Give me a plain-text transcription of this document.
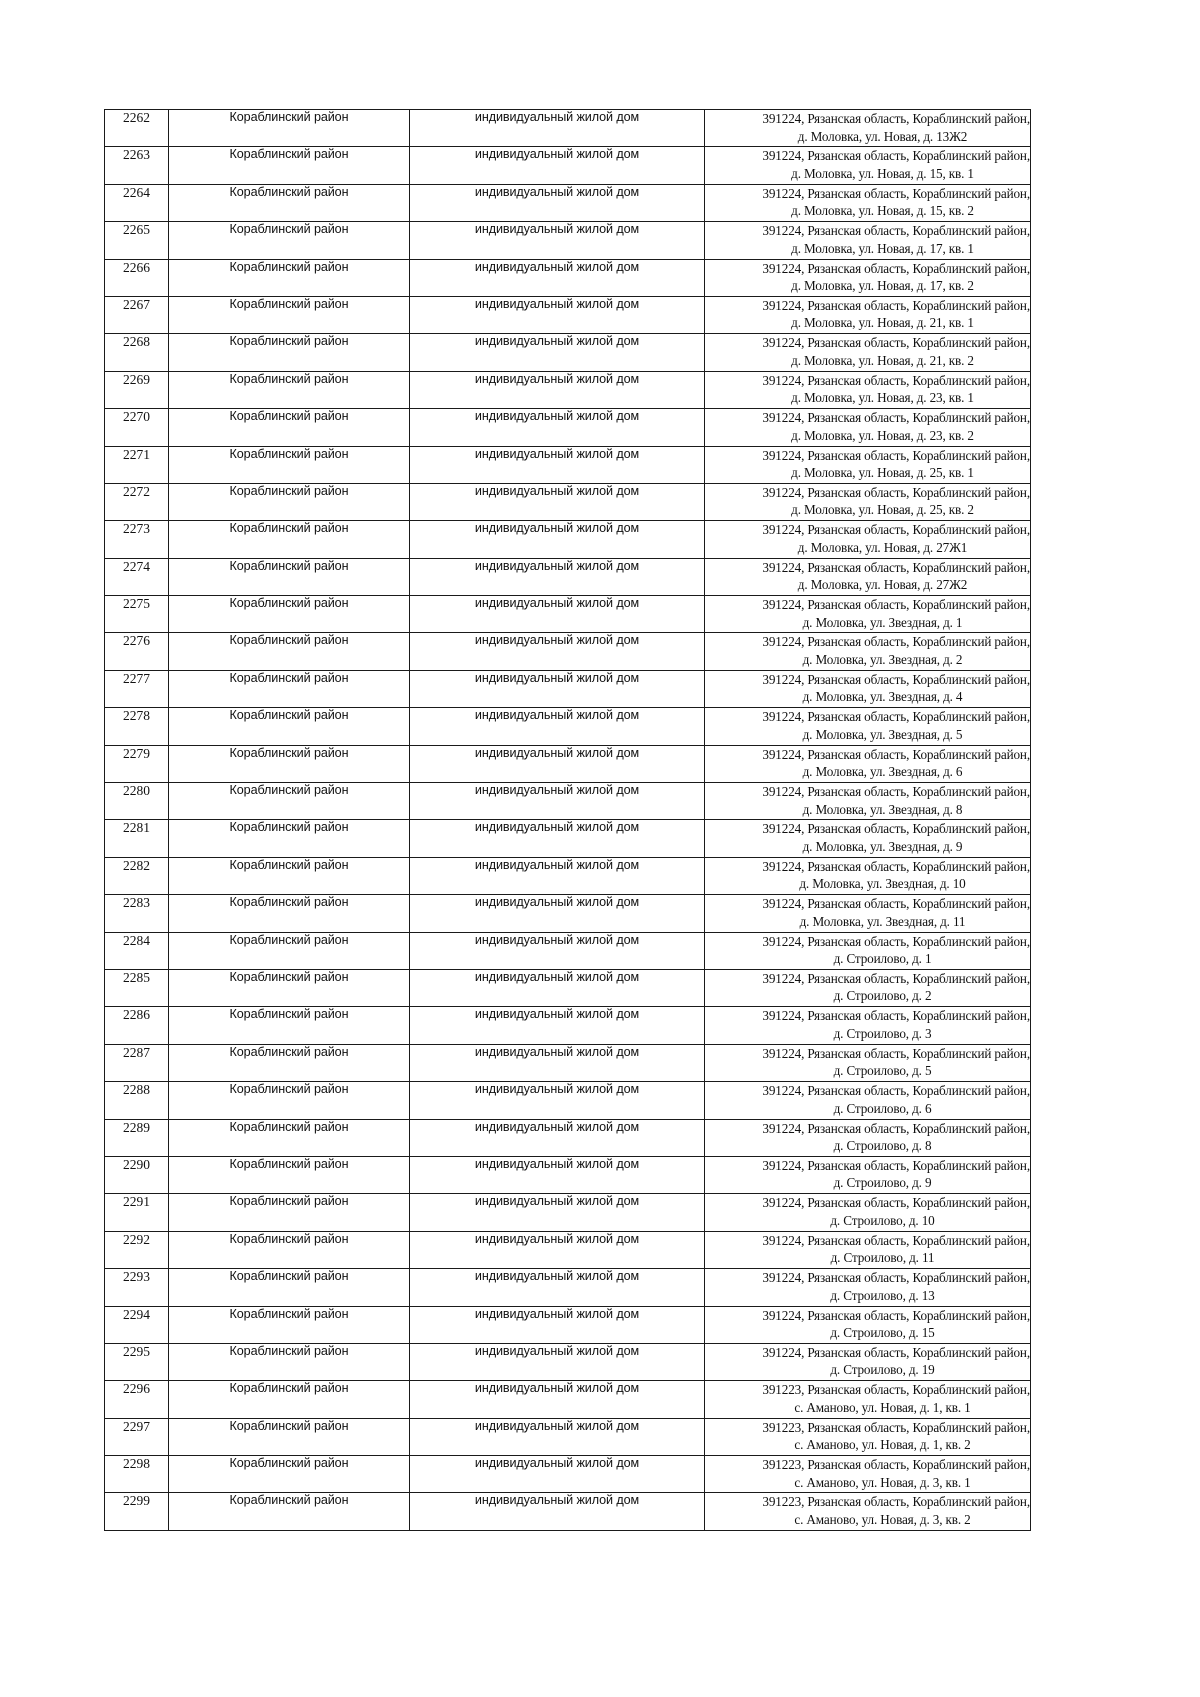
2262	Кораблинский район	индивидуальный жилой дом	391224, Рязанская область, Кораблинский район,
д. Моловка, ул. Новая, д. 13Ж2

2263	Кораблинский район	индивидуальный жилой дом	391224, Рязанская область, Кораблинский район,
д. Моловка, ул. Новая, д. 15, кв. 1

2264	Кораблинский район	индивидуальный жилой дом	391224, Рязанская область, Кораблинский район,
д. Моловка, ул. Новая, д. 15, кв. 2

2265	Кораблинский район	индивидуальный жилой дом	391224, Рязанская область, Кораблинский район,
д. Моловка, ул. Новая, д. 17, кв. 1

2266	Кораблинский район	индивидуальный жилой дом	391224, Рязанская область, Кораблинский район,
д. Моловка, ул. Новая, д. 17, кв. 2

2267	Кораблинский район	индивидуальный жилой дом	391224, Рязанская область, Кораблинский район,
д. Моловка, ул. Новая, д. 21, кв. 1

2268	Кораблинский район	индивидуальный жилой дом	391224, Рязанская область, Кораблинский район,
д. Моловка, ул. Новая, д. 21, кв. 2

2269	Кораблинский район	индивидуальный жилой дом	391224, Рязанская область, Кораблинский район,
д. Моловка, ул. Новая, д. 23, кв. 1

2270	Кораблинский район	индивидуальный жилой дом	391224, Рязанская область, Кораблинский район,
д. Моловка, ул. Новая, д. 23, кв. 2

2271	Кораблинский район	индивидуальный жилой дом	391224, Рязанская область, Кораблинский район,
д. Моловка, ул. Новая, д. 25, кв. 1

2272	Кораблинский район	индивидуальный жилой дом	391224, Рязанская область, Кораблинский район,
д. Моловка, ул. Новая, д. 25, кв. 2

2273	Кораблинский район	индивидуальный жилой дом	391224, Рязанская область, Кораблинский район,
д. Моловка, ул. Новая, д. 27Ж1

2274	Кораблинский район	индивидуальный жилой дом	391224, Рязанская область, Кораблинский район,
д. Моловка, ул. Новая, д. 27Ж2

2275	Кораблинский район	индивидуальный жилой дом	391224, Рязанская область, Кораблинский район,
д. Моловка, ул. Звездная, д. 1

2276	Кораблинский район	индивидуальный жилой дом	391224, Рязанская область, Кораблинский район,
д. Моловка, ул. Звездная, д. 2

2277	Кораблинский район	индивидуальный жилой дом	391224, Рязанская область, Кораблинский район,
д. Моловка, ул. Звездная, д. 4

2278	Кораблинский район	индивидуальный жилой дом	391224, Рязанская область, Кораблинский район,
д. Моловка, ул. Звездная, д. 5

2279	Кораблинский район	индивидуальный жилой дом	391224, Рязанская область, Кораблинский район,
д. Моловка, ул. Звездная, д. 6

2280	Кораблинский район	индивидуальный жилой дом	391224, Рязанская область, Кораблинский район,
д. Моловка, ул. Звездная, д. 8

2281	Кораблинский район	индивидуальный жилой дом	391224, Рязанская область, Кораблинский район,
д. Моловка, ул. Звездная, д. 9

2282	Кораблинский район	индивидуальный жилой дом	391224, Рязанская область, Кораблинский район,
д. Моловка, ул. Звездная, д. 10

2283	Кораблинский район	индивидуальный жилой дом	391224, Рязанская область, Кораблинский район,
д. Моловка, ул. Звездная, д. 11

2284	Кораблинский район	индивидуальный жилой дом	391224, Рязанская область, Кораблинский район,
д. Строилово, д. 1

2285	Кораблинский район	индивидуальный жилой дом	391224, Рязанская область, Кораблинский район,
д. Строилово, д. 2

2286	Кораблинский район	индивидуальный жилой дом	391224, Рязанская область, Кораблинский район,
д. Строилово, д. 3

2287	Кораблинский район	индивидуальный жилой дом	391224, Рязанская область, Кораблинский район,
д. Строилово, д. 5

2288	Кораблинский район	индивидуальный жилой дом	391224, Рязанская область, Кораблинский район,
д. Строилово, д. 6

2289	Кораблинский район	индивидуальный жилой дом	391224, Рязанская область, Кораблинский район,
д. Строилово, д. 8

2290	Кораблинский район	индивидуальный жилой дом	391224, Рязанская область, Кораблинский район,
д. Строилово, д. 9

2291	Кораблинский район	индивидуальный жилой дом	391224, Рязанская область, Кораблинский район,
д. Строилово, д. 10

2292	Кораблинский район	индивидуальный жилой дом	391224, Рязанская область, Кораблинский район,
д. Строилово, д. 11

2293	Кораблинский район	индивидуальный жилой дом	391224, Рязанская область, Кораблинский район,
д. Строилово, д. 13

2294	Кораблинский район	индивидуальный жилой дом	391224, Рязанская область, Кораблинский район,
д. Строилово, д. 15

2295	Кораблинский район	индивидуальный жилой дом	391224, Рязанская область, Кораблинский район,
д. Строилово, д. 19

2296	Кораблинский район	индивидуальный жилой дом	391223, Рязанская область, Кораблинский район,
с. Аманово, ул. Новая, д. 1, кв. 1

2297	Кораблинский район	индивидуальный жилой дом	391223, Рязанская область, Кораблинский район,
с. Аманово, ул. Новая, д. 1, кв. 2

2298	Кораблинский район	индивидуальный жилой дом	391223, Рязанская область, Кораблинский район,
с. Аманово, ул. Новая, д. 3, кв. 1

2299	Кораблинский район	индивидуальный жилой дом	391223, Рязанская область, Кораблинский район,
с. Аманово, ул. Новая, д. 3, кв. 2
